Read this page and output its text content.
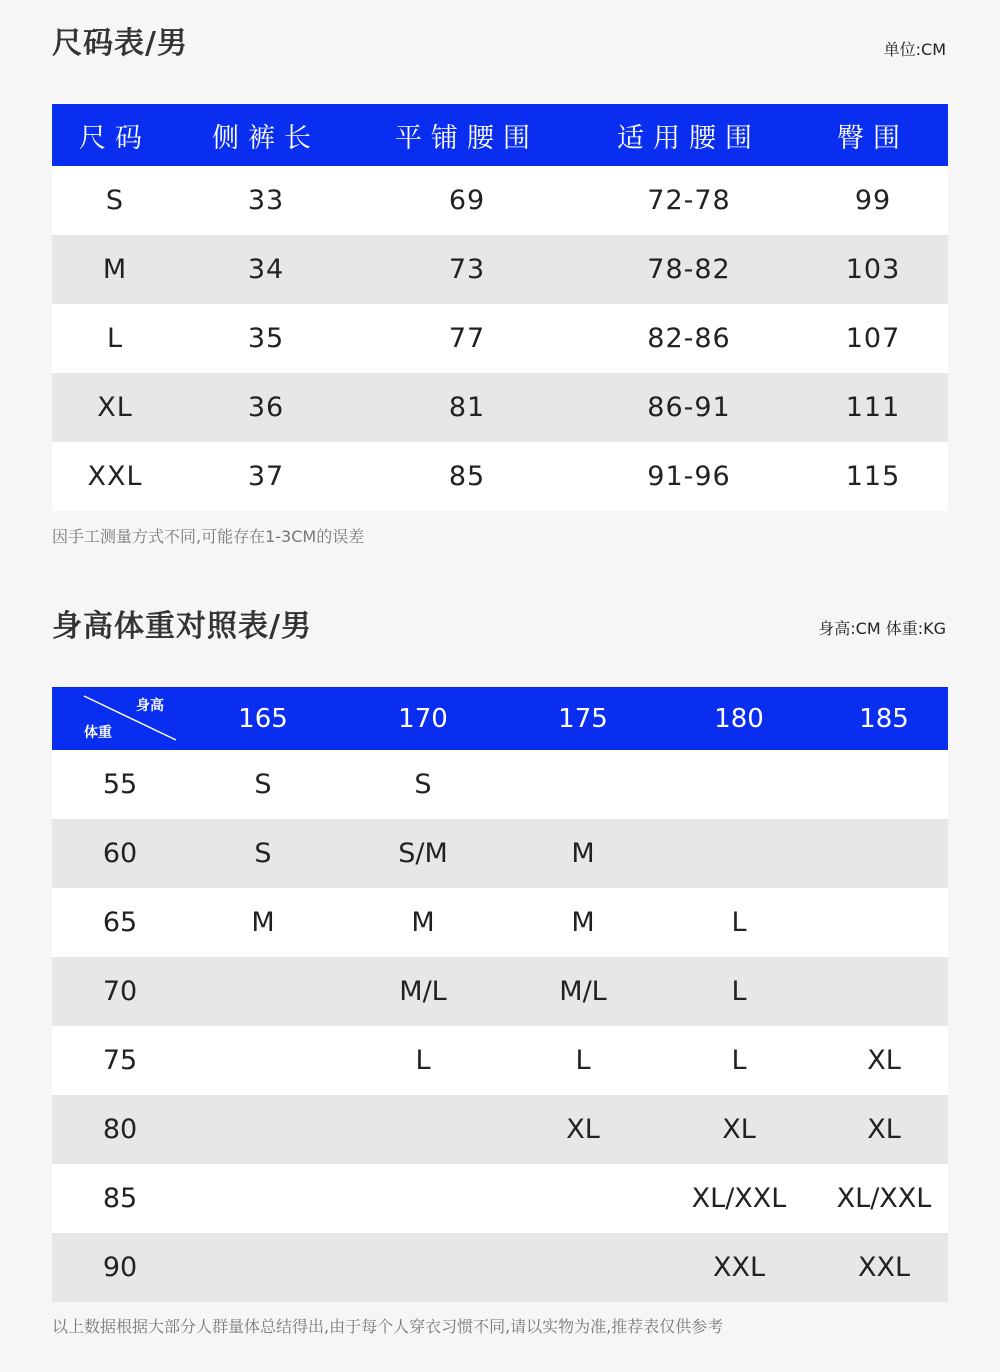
尺码表/男	单位:CM
尺码	侧裤长	平铺腰围	适用腰围	臀围
S	33	69	72-78	99
M	34	73	78-82	103
L	35	77	82-86	107
XL	36	81	86-91	111
XXL	37	85	91-96	115
因手工测量方式不同,可能存在1-3CM的误差
身高体重对照表/男	身高:CM 体重:KG
身高
体重	165	170	175	180	185
55	S	S			
60	S	S/M	M		
65	M	M	M	L	
70		M/L	M/L	L	
75		L	L	L	XL
80			XL	XL	XL
85				XL/XXL	XL/XXL
90				XXL	XXL
以上数据根据大部分人群量体总结得出,由于每个人穿衣习惯不同,请以实物为准,推荐表仅供参考
